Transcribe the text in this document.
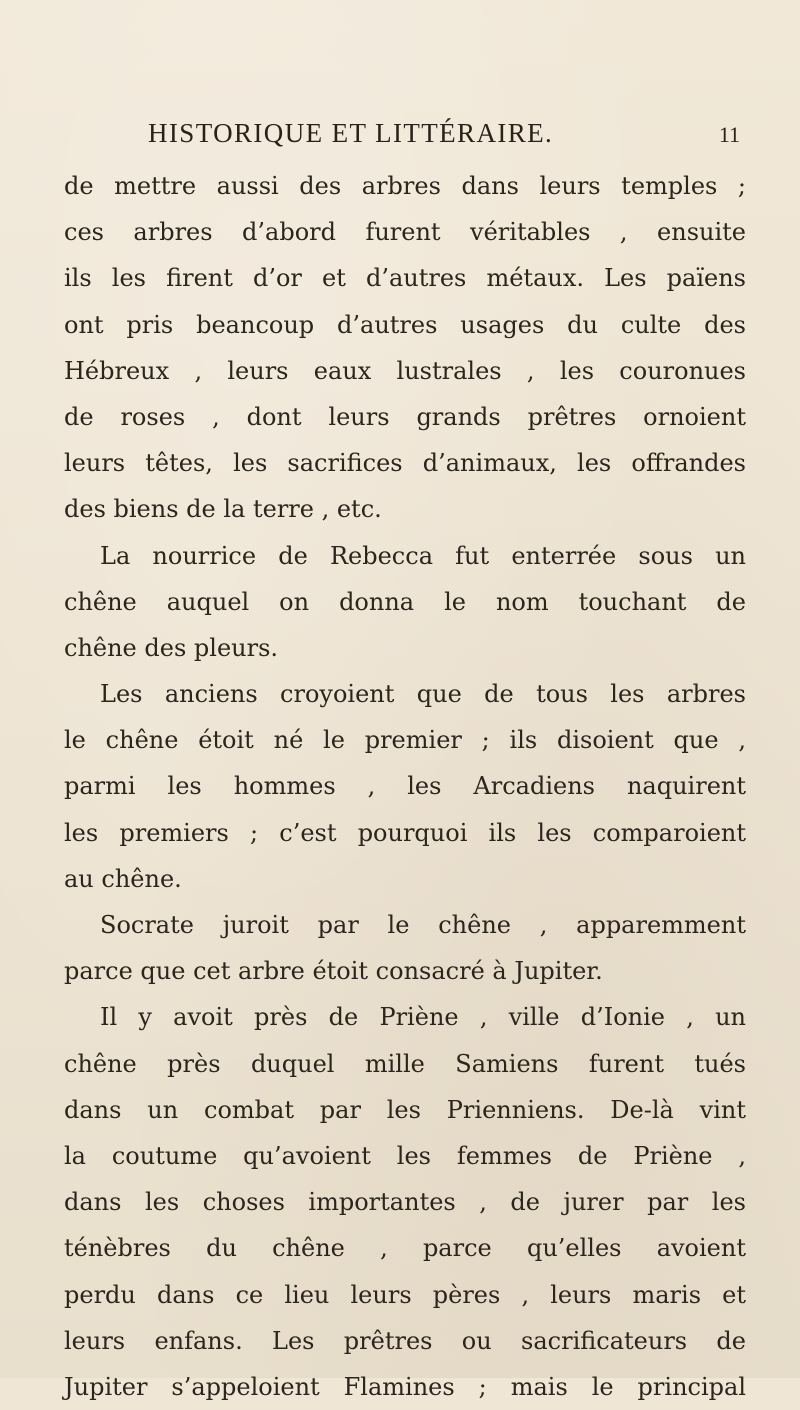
HISTORIQUE ET LITTÉRAIRE.	11
de mettre aussi des arbres dans leurs temples ;
ces arbres d’abord furent véritables , ensuite
ils les firent d’or et d’autres métaux. Les païens
ont pris beancoup d’autres usages du culte des
Hébreux , leurs eaux lustrales , les couronues
de roses , dont leurs grands prêtres ornoient
leurs têtes, les sacrifices d’animaux, les offrandes
des biens de la terre , etc.
La nourrice de Rebecca fut enterrée sous un
chêne auquel on donna le nom touchant de
chêne des pleurs.
Les anciens croyoient que de tous les arbres
le chêne étoit né le premier ; ils disoient que ,
parmi les hommes , les Arcadiens naquirent
les premiers ; c’est pourquoi ils les comparoient
au chêne.
Socrate juroit par le chêne , apparemment
parce que cet arbre étoit consacré à Jupiter.
Il y avoit près de Priène , ville d’Ionie , un
chêne près duquel mille Samiens furent tués
dans un combat par les Prienniens. De-là vint
la coutume qu’avoient les femmes de Priène ,
dans les choses importantes , de jurer par les
ténèbres du chêne , parce qu’elles avoient
perdu dans ce lieu leurs pères , leurs maris et
leurs enfans. Les prêtres ou sacrificateurs de
Jupiter s’appeloient Flamines ; mais le principal
